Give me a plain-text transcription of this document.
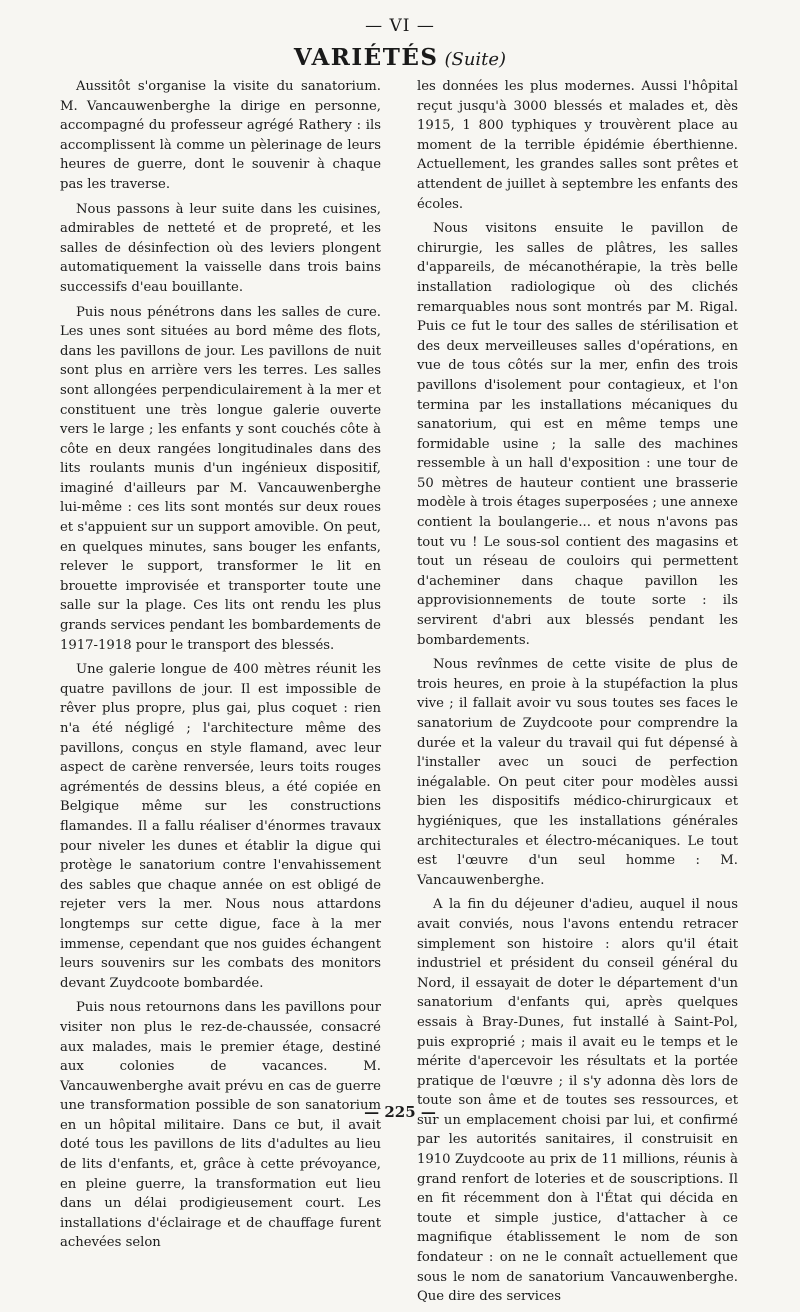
— VI —
VARIÉTÉS (Suite)

Aussitôt s'organise la visite du sanatorium. M. Vancauwenberghe la dirige en personne, accompagné du professeur agrégé Rathery : ils accomplissent là comme un pèlerinage de leurs heures de guerre, dont le souvenir à chaque pas les traverse.

Nous passons à leur suite dans les cuisines, admirables de netteté et de propreté, et les salles de désinfection où des leviers plongent automatiquement la vaisselle dans trois bains successifs d'eau bouillante.

Puis nous pénétrons dans les salles de cure. Les unes sont situées au bord même des flots, dans les pavillons de jour. Les pavillons de nuit sont plus en arrière vers les terres. Les salles sont allongées perpendiculairement à la mer et constituent une très longue galerie ouverte vers le large ; les enfants y sont couchés côte à côte en deux rangées longitudinales dans des lits roulants munis d'un ingénieux dispositif, imaginé d'ailleurs par M. Vancauwenberghe lui-même : ces lits sont montés sur deux roues et s'appuient sur un support amovible. On peut, en quelques minutes, sans bouger les enfants, relever le support, transformer le lit en brouette improvisée et transporter toute une salle sur la plage. Ces lits ont rendu les plus grands services pendant les bombardements de 1917-1918 pour le transport des blessés.

Une galerie longue de 400 mètres réunit les quatre pavillons de jour. Il est impossible de rêver plus propre, plus gai, plus coquet : rien n'a été négligé ; l'architecture même des pavillons, conçus en style flamand, avec leur aspect de carène renversée, leurs toits rouges agrémentés de dessins bleus, a été copiée en Belgique même sur les constructions flamandes. Il a fallu réaliser d'énormes travaux pour niveler les dunes et établir la digue qui protège le sanatorium contre l'envahissement des sables que chaque année on est obligé de rejeter vers la mer. Nous nous attardons longtemps sur cette digue, face à la mer immense, cependant que nos guides échangent leurs souvenirs sur les combats des monitors devant Zuydcoote bombardée.

Puis nous retournons dans les pavillons pour visiter non plus le rez-de-chaussée, consacré aux malades, mais le premier étage, destiné aux colonies de vacances. M. Vancauwenberghe avait prévu en cas de guerre une transformation possible de son sanatorium en un hôpital militaire. Dans ce but, il avait doté tous les pavillons de lits d'adultes au lieu de lits d'enfants, et, grâce à cette prévoyance, en pleine guerre, la transformation eut lieu dans un délai prodigieusement court. Les installations d'éclairage et de chauffage furent achevées selon

les données les plus modernes. Aussi l'hôpital reçut jusqu'à 3000 blessés et malades et, dès 1915, 1 800 typhiques y trouvèrent place au moment de la terrible épidémie éberthienne. Actuellement, les grandes salles sont prêtes et attendent de juillet à septembre les enfants des écoles.

Nous visitons ensuite le pavillon de chirurgie, les salles de plâtres, les salles d'appareils, de mécanothérapie, la très belle installation radiologique où des clichés remarquables nous sont montrés par M. Rigal. Puis ce fut le tour des salles de stérilisation et des deux merveilleuses salles d'opérations, en vue de tous côtés sur la mer, enfin des trois pavillons d'isolement pour contagieux, et l'on termina par les installations mécaniques du sanatorium, qui est en même temps une formidable usine ; la salle des machines ressemble à un hall d'exposition : une tour de 50 mètres de hauteur contient une brasserie modèle à trois étages superposées ; une annexe contient la boulangerie... et nous n'avons pas tout vu ! Le sous-sol contient des magasins et tout un réseau de couloirs qui permettent d'acheminer dans chaque pavillon les approvisionnements de toute sorte : ils servirent d'abri aux blessés pendant les bombardements.

Nous revînmes de cette visite de plus de trois heures, en proie à la stupéfaction la plus vive ; il fallait avoir vu sous toutes ses faces le sanatorium de Zuydcoote pour comprendre la durée et la valeur du travail qui fut dépensé à l'installer avec un souci de perfection inégalable. On peut citer pour modèles aussi bien les dispositifs médico-chirurgicaux et hygiéniques, que les installations générales architecturales et électro-mécaniques. Le tout est l'œuvre d'un seul homme : M. Vancauwenberghe.

A la fin du déjeuner d'adieu, auquel il nous avait conviés, nous l'avons entendu retracer simplement son histoire : alors qu'il était industriel et président du conseil général du Nord, il essayait de doter le département d'un sanatorium d'enfants qui, après quelques essais à Bray-Dunes, fut installé à Saint-Pol, puis exproprié ; mais il avait eu le temps et le mérite d'apercevoir les résultats et la portée pratique de l'œuvre ; il s'y adonna dès lors de toute son âme et de toutes ses ressources, et sur un emplacement choisi par lui, et confirmé par les autorités sanitaires, il construisit en 1910 Zuydcoote au prix de 11 millions, réunis à grand renfort de loteries et de souscriptions. Il en fit récemment don à l'État qui décida en toute et simple justice, d'attacher à ce magnifique établissement le nom de son fondateur : on ne le connaît actuellement que sous le nom de sanatorium Vancauwenberghe. Que dire des services

— 225 —
